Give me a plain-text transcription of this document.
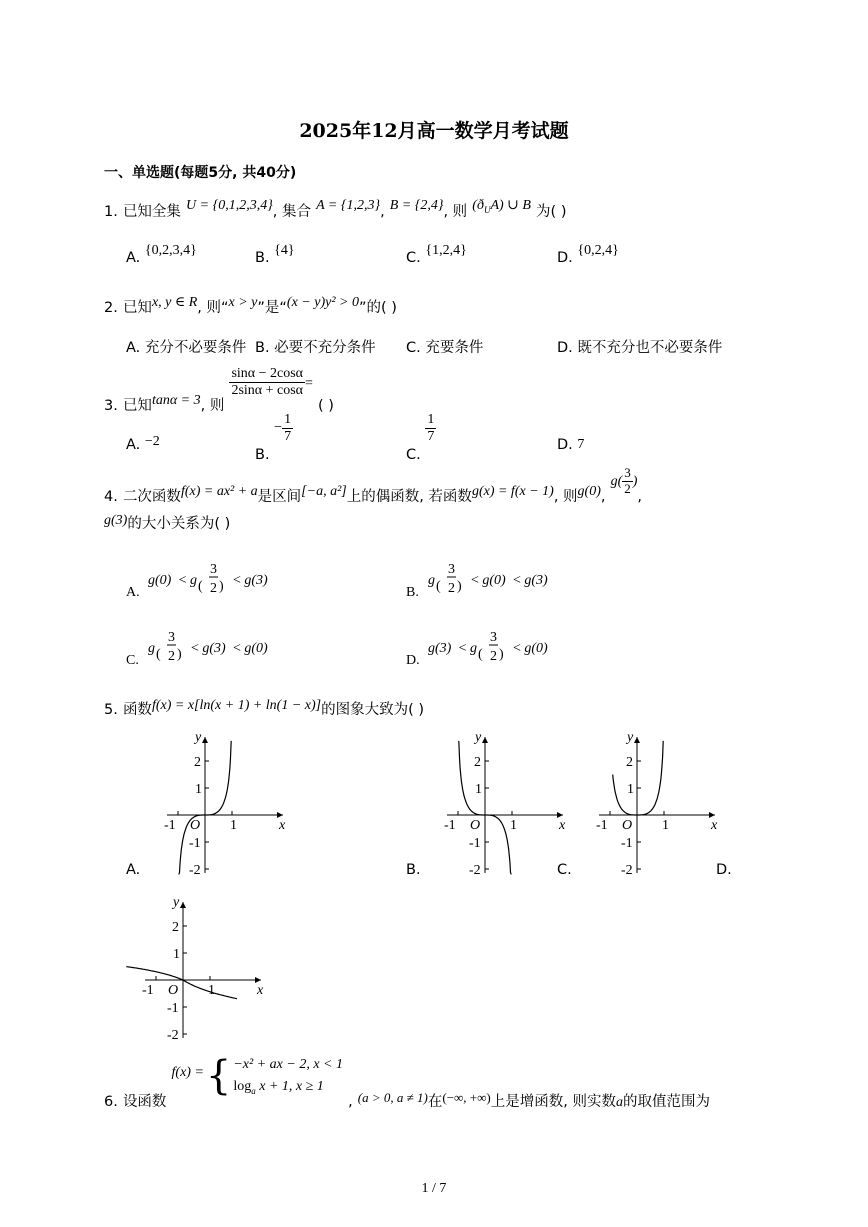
2025年12月高一数学月考试题
一、单选题(每题5分, 共40分)
1. 已知全集 U = {0,1,2,3,4}, 集合 A = {1,2,3}, B = {2,4}, 则 $(ð_UA)$ ∪ B 为( )
A. {0,2,3,4}	B. {4}	C. {1,2,4}	D. {0,2,4}
2. 已知x, y ∈ R, 则“x > y”是“(x − y)y² > 0”的( )
A. 充分不必要条件 B. 必要不充分条件 C. 充要条件	D. 既不充分也不必要条件
3. 已知tanα = 3, 则
$\frac{\sin\alpha - 2\cos\alpha}{2\sin\alpha + \cos\alpha}$ = ( )
A. −2
B. − $\frac{1}{7}$
C.
$\frac{1}{7}$	D. 7
4. 二次函数f(x) = ax² + a是区间[−a, a²]上的偶函数, 若函数g(x) = f(x − 1), 则g(0), $g( \frac{3}{2}$ ),
g(3)的大小关系为( )
A.
g(0) < g (
3
2 ) < g(3)
B.
g (
3
2 ) < g(0) < g(3)
C.
g (
3
2 ) < g(3) < g(0)
D.
g(3) < g (
3
2 ) < g(0)
5. 函数f(x) = x[ln(x + 1) + ln(1 − x)]的图象大致为( )
y
x
O
2
1
-1
-2
-1	1
y
x
O
2
1
-1
-2
-1	1
y
x
O
2
1
-1
-2
-1	1
y
x
O
2
1
-1
-2
-1	1
A.	B.	C.	D.
6. 设函数 f(x) ={ −x² + ax − 2, x < 1
$\log_a x + 1$, x ≥ 1
, $_{(a > 0, a \ne 1)}$在$_{(-\infty, +\infty)}$上是增函数, 则实数a的取值范围为
1 / 7
